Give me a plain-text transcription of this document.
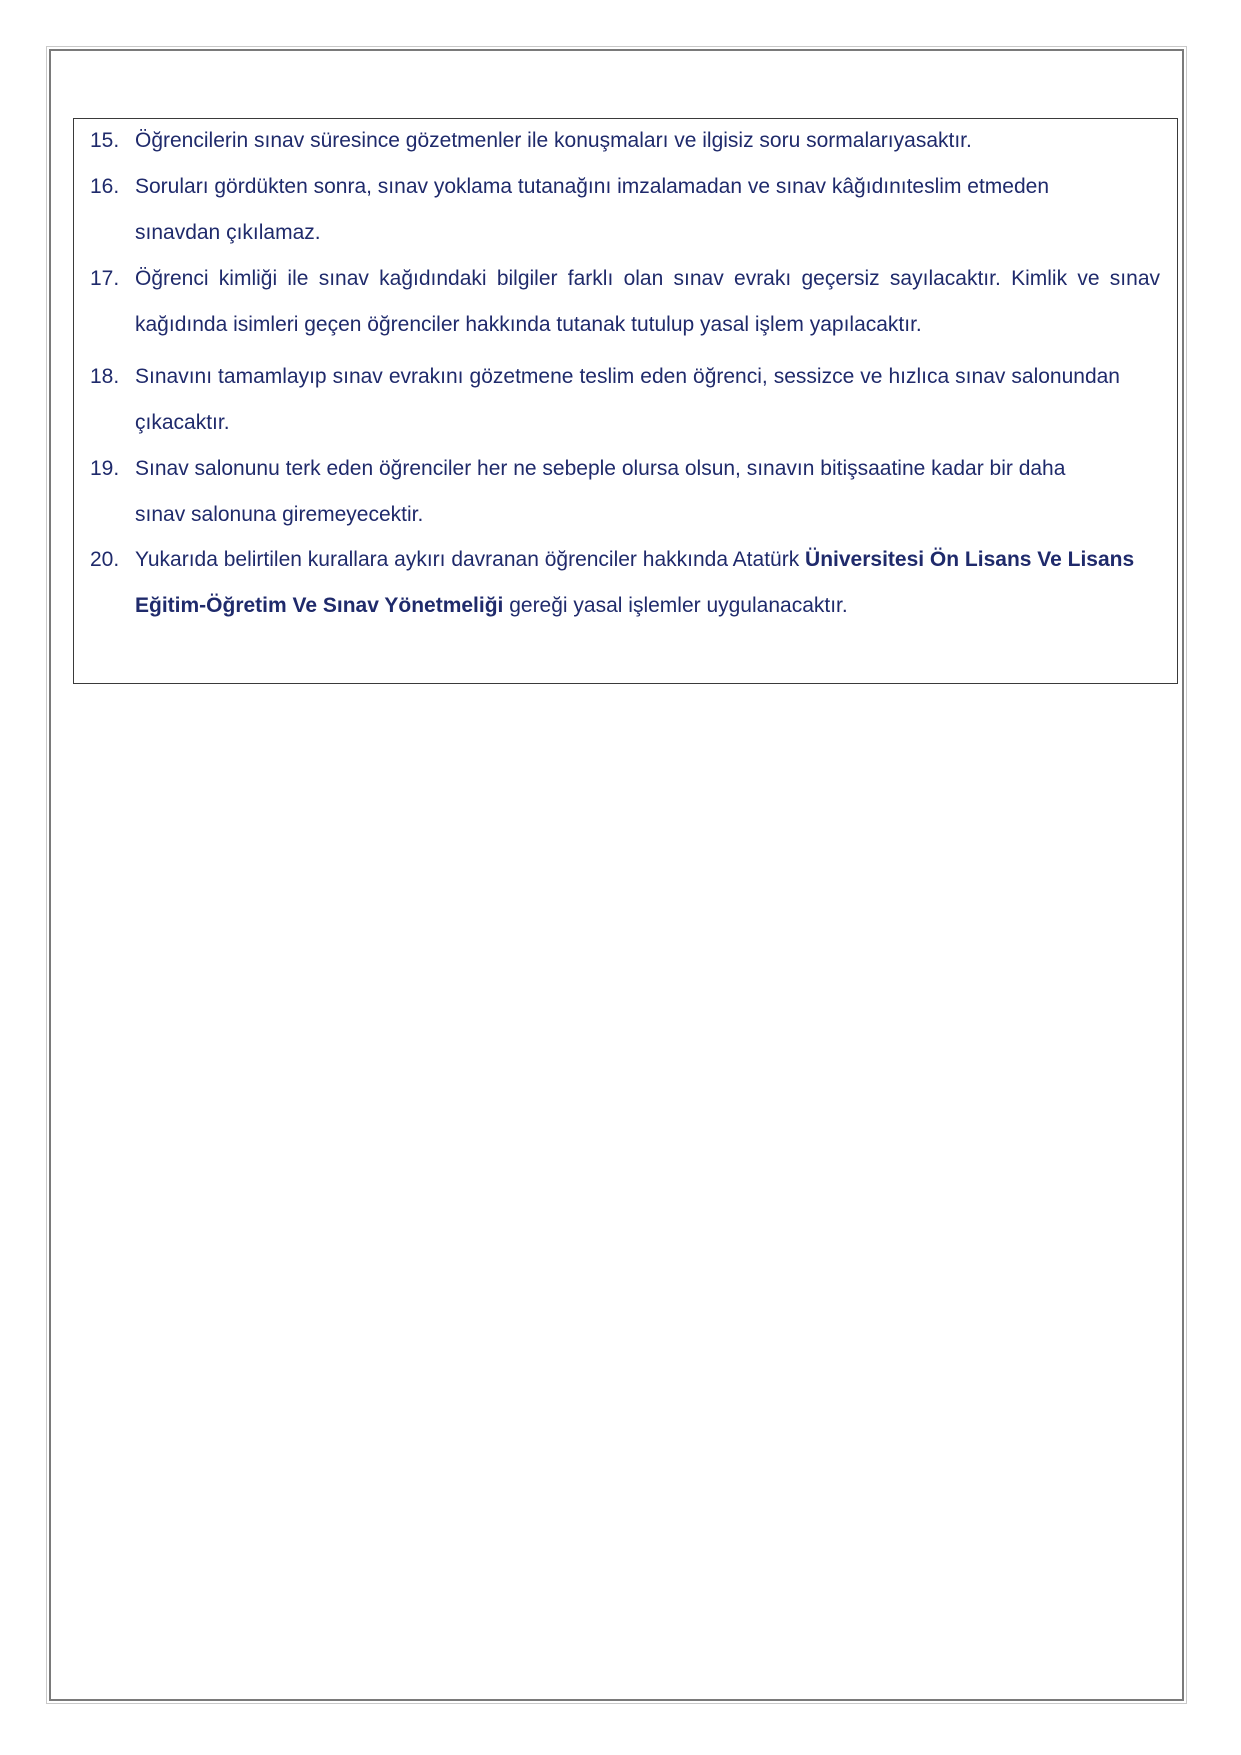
15. Öğrencilerin sınav süresince gözetmenler ile konuşmaları ve ilgisiz soru sormalarıyasaktır.
16. Soruları gördükten sonra, sınav yoklama tutanağını imzalamadan ve sınav kâğıdınıteslim etmeden sınavdan çıkılamaz.
17. Öğrenci kimliği ile sınav kağıdındaki bilgiler farklı olan sınav evrakı geçersiz sayılacaktır. Kimlik ve sınav kağıdında isimleri geçen öğrenciler hakkında tutanak tutulup yasal işlem yapılacaktır.
18. Sınavını tamamlayıp sınav evrakını gözetmene teslim eden öğrenci, sessizce ve hızlıca sınav salonundan çıkacaktır.
19. Sınav salonunu terk eden öğrenciler her ne sebeple olursa olsun, sınavın bitişsaatine kadar bir daha sınav salonuna giremeyecektir.
20. Yukarıda belirtilen kurallara aykırı davranan öğrenciler hakkında Atatürk Üniversitesi Ön Lisans Ve Lisans Eğitim-Öğretim Ve Sınav Yönetmeliği gereği yasal işlemler uygulanacaktır.
